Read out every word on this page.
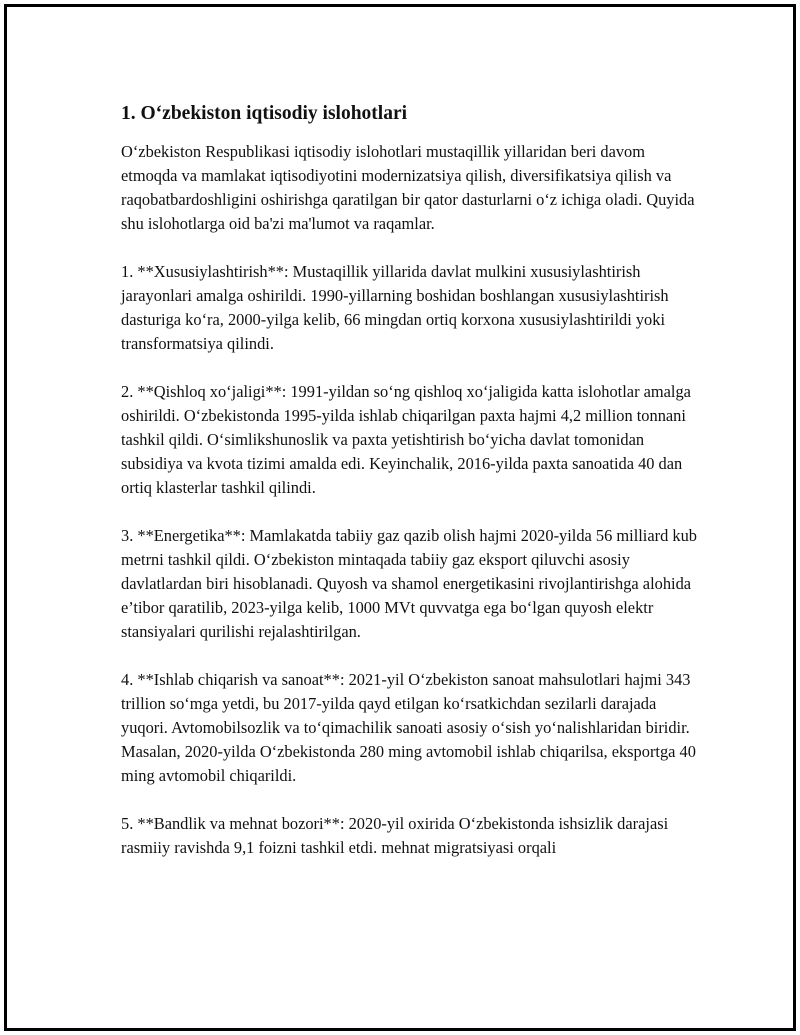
1. O‘zbekiston iqtisodiy islohotlari

O‘zbekiston Respublikasi iqtisodiy islohotlari mustaqillik yillaridan beri davom etmoqda va mamlakat iqtisodiyotini modernizatsiya qilish, diversifikatsiya qilish va raqobatbardoshligini oshirishga qaratilgan bir qator dasturlarni o‘z ichiga oladi. Quyida shu islohotlarga oid ba'zi ma'lumot va raqamlar.

1. **Xususiylashtirish**: Mustaqillik yillarida davlat mulkini xususiylashtirish jarayonlari amalga oshirildi. 1990-yillarning boshidan boshlangan xususiylashtirish dasturiga ko‘ra, 2000-yilga kelib, 66 mingdan ortiq korxona xususiylashtirildi yoki transformatsiya qilindi.

2. **Qishloq xo‘jaligi**: 1991-yildan so‘ng qishloq xo‘jaligida katta islohotlar amalga oshirildi. O‘zbekistonda 1995-yilda ishlab chiqarilgan paxta hajmi 4,2 million tonnani tashkil qildi. O‘simlikshunoslik va paxta yetishtirish bo‘yicha davlat tomonidan subsidiya va kvota tizimi amalda edi. Keyinchalik, 2016-yilda paxta sanoatida 40 dan ortiq klasterlar tashkil qilindi.

3. **Energetika**: Mamlakatda tabiiy gaz qazib olish hajmi 2020-yilda 56 milliard kub metrni tashkil qildi. O‘zbekiston mintaqada tabiiy gaz eksport qiluvchi asosiy davlatlardan biri hisoblanadi. Quyosh va shamol energetikasini rivojlantirishga alohida e’tibor qaratilib, 2023-yilga kelib, 1000 MVt quvvatga ega bo‘lgan quyosh elektr stansiyalari qurilishi rejalashtirilgan.

4. **Ishlab chiqarish va sanoat**: 2021-yil O‘zbekiston sanoat mahsulotlari hajmi 343 trillion so‘mga yetdi, bu 2017-yilda qayd etilgan ko‘rsatkichdan sezilarli darajada yuqori. Avtomobilsozlik va to‘qimachilik sanoati asosiy o‘sish yo‘nalishlaridan biridir. Masalan, 2020-yilda O‘zbekistonda 280 ming avtomobil ishlab chiqarilsa, eksportga 40 ming avtomobil chiqarildi.

5. **Bandlik va mehnat bozori**: 2020-yil oxirida O‘zbekistonda ishsizlik darajasi rasmiiy ravishda 9,1 foizni tashkil etdi. mehnat migratsiyasi orqali
